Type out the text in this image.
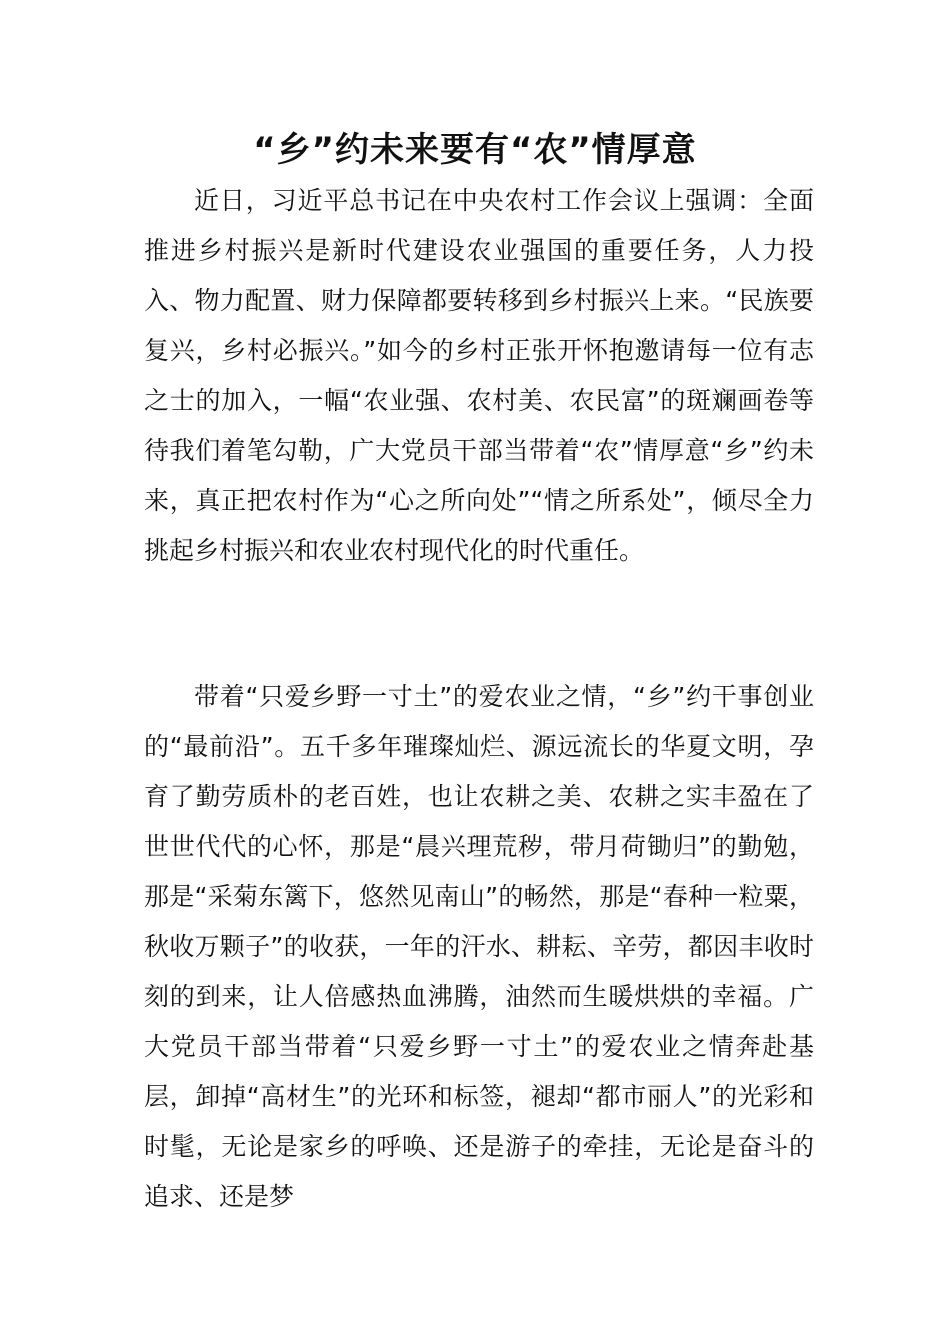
“乡”约未来要有“农”情厚意

近日，习近平总书记在中央农村工作会议上强调：全面推进乡村振兴是新时代建设农业强国的重要任务，人力投入、物力配置、财力保障都要转移到乡村振兴上来。“民族要复兴，乡村必振兴。”如今的乡村正张开怀抱邀请每一位有志之士的加入，一幅“农业强、农村美、农民富”的斑斓画卷等待我们着笔勾勒，广大党员干部当带着“农”情厚意“乡”约未来，真正把农村作为“心之所向处”“情之所系处”，倾尽全力挑起乡村振兴和农业农村现代化的时代重任。

带着“只爱乡野一寸土”的爱农业之情，“乡”约干事创业的“最前沿”。五千多年璀璨灿烂、源远流长的华夏文明，孕育了勤劳质朴的老百姓，也让农耕之美、农耕之实丰盈在了世世代代的心怀，那是“晨兴理荒秽，带月荷锄归”的勤勉，那是“采菊东篱下，悠然见南山”的畅然，那是“春种一粒粟，秋收万颗子”的收获，一年的汗水、耕耘、辛劳，都因丰收时刻的到来，让人倍感热血沸腾，油然而生暖烘烘的幸福。广大党员干部当带着“只爱乡野一寸土”的爱农业之情奔赴基层，卸掉“高材生”的光环和标签，褪却“都市丽人”的光彩和时髦，无论是家乡的呼唤、还是游子的牵挂，无论是奋斗的追求、还是梦
